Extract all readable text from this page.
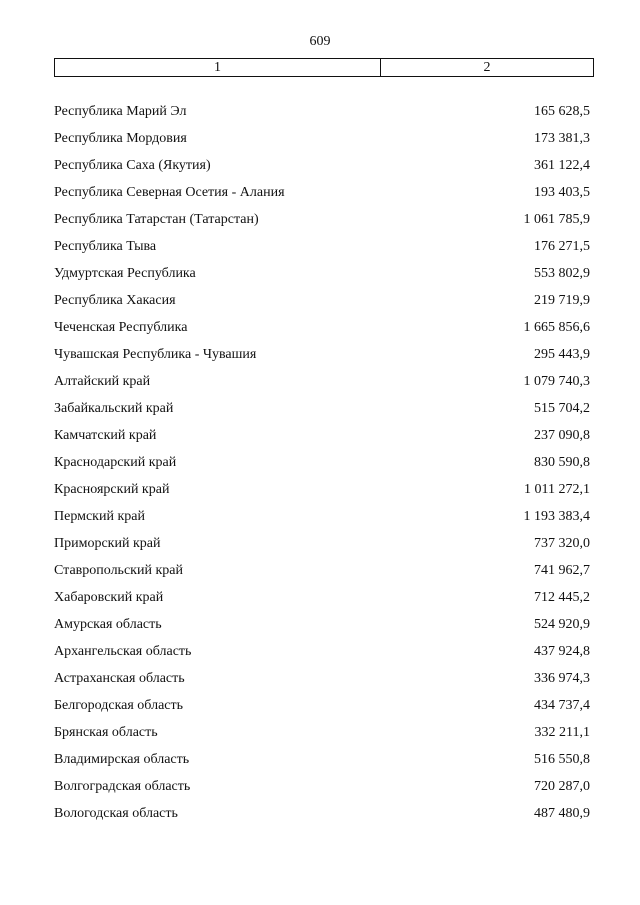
609
1	2
Республика Марий Эл	165 628,5
Республика Мордовия	173 381,3
Республика Саха (Якутия)	361 122,4
Республика Северная Осетия - Алания	193 403,5
Республика Татарстан (Татарстан)	1 061 785,9
Республика Тыва	176 271,5
Удмуртская Республика	553 802,9
Республика Хакасия	219 719,9
Чеченская Республика	1 665 856,6
Чувашская Республика - Чувашия	295 443,9
Алтайский край	1 079 740,3
Забайкальский край	515 704,2
Камчатский край	237 090,8
Краснодарский край	830 590,8
Красноярский край	1 011 272,1
Пермский край	1 193 383,4
Приморский край	737 320,0
Ставропольский край	741 962,7
Хабаровский край	712 445,2
Амурская область	524 920,9
Архангельская область	437 924,8
Астраханская область	336 974,3
Белгородская область	434 737,4
Брянская область	332 211,1
Владимирская область	516 550,8
Волгоградская область	720 287,0
Вологодская область	487 480,9
